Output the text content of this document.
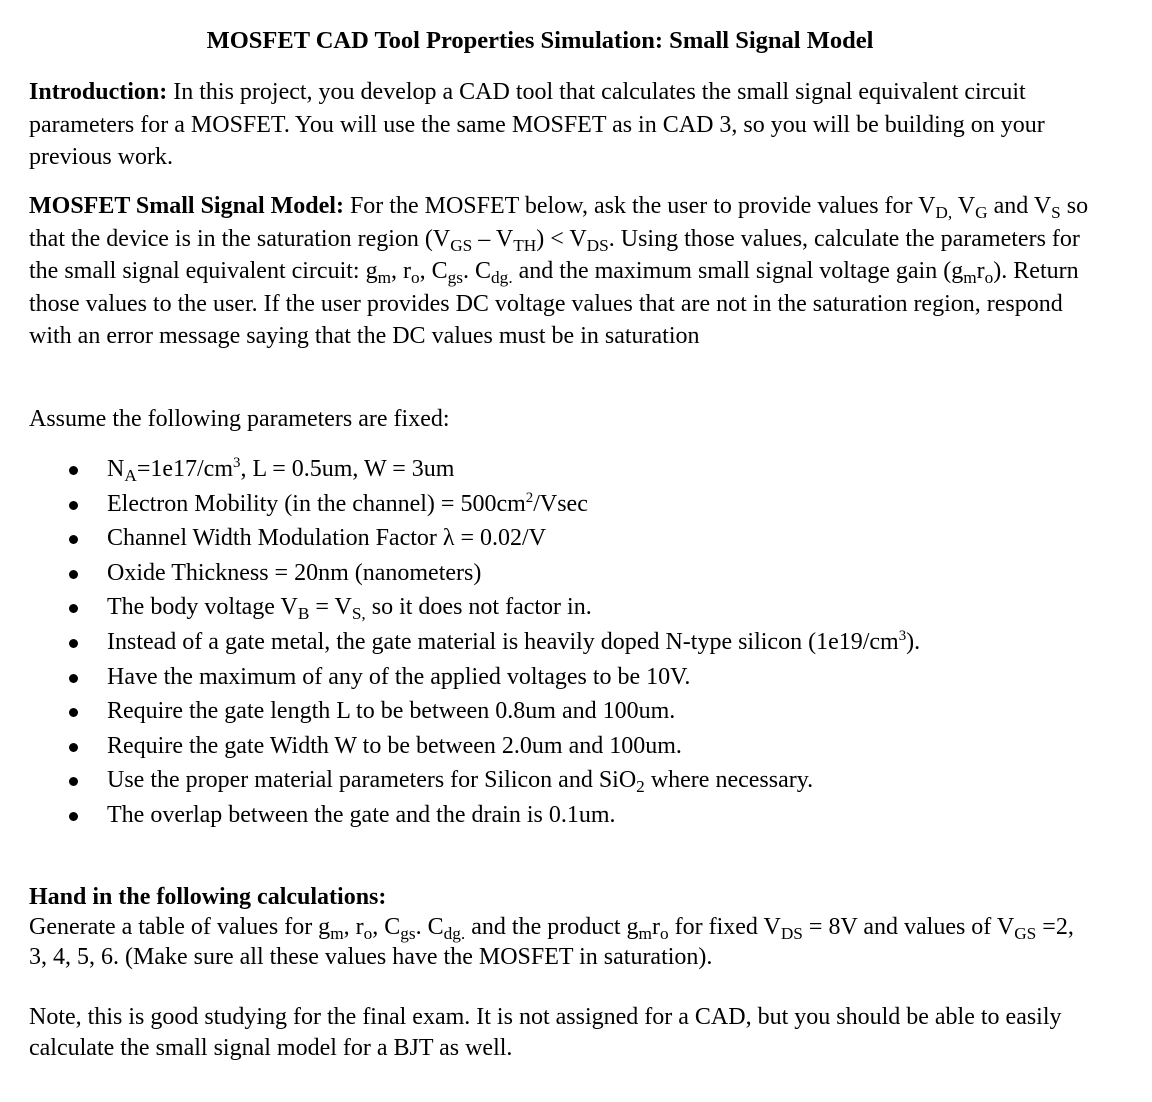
MOSFET CAD Tool Properties Simulation: Small Signal Model

Introduction: In this project, you develop a CAD tool that calculates the small signal equivalent circuit parameters for a MOSFET. You will use the same MOSFET as in CAD 3, so you will be building on your previous work.

MOSFET Small Signal Model: For the MOSFET below, ask the user to provide values for $V_{D,}$ $V_G$ and $V_S$ so that the device is in the saturation region $(V_{GS} - V_{TH}) < V_{DS}$. Using those values, calculate the parameters for the small signal equivalent circuit: $g_m$, $r_o$, $C_{gs}$. $C_{dg.}$ and the maximum small signal voltage gain $(g_mr_o)$. Return those values to the user. If the user provides DC voltage values that are not in the saturation region, respond with an error message saying that the DC values must be in saturation

Assume the following parameters are fixed:

$N_A=1e17/cm^3$, L = 0.5um, W = 3um
Electron Mobility (in the channel) = $500cm^2$/Vsec
Channel Width Modulation Factor λ = 0.02/V
Oxide Thickness = 20nm (nanometers)
The body voltage $V_B = V_{S,}$ so it does not factor in.
Instead of a gate metal, the gate material is heavily doped N-type silicon $(1e19/cm^3)$.
Have the maximum of any of the applied voltages to be 10V.
Require the gate length L to be between 0.8um and 100um.
Require the gate Width W to be between 2.0um and 100um.
Use the proper material parameters for Silicon and SiO$_2$ where necessary.
The overlap between the gate and the drain is 0.1um.

Hand in the following calculations:

Generate a table of values for $g_m$, $r_o$, $C_{gs}$. $C_{dg.}$ and the product $g_mr_o$ for fixed $V_{DS} = 8V$ and values of $V_{GS} =2$, 3, 4, 5, 6. (Make sure all these values have the MOSFET in saturation).

Note, this is good studying for the final exam. It is not assigned for a CAD, but you should be able to easily calculate the small signal model for a BJT as well.
